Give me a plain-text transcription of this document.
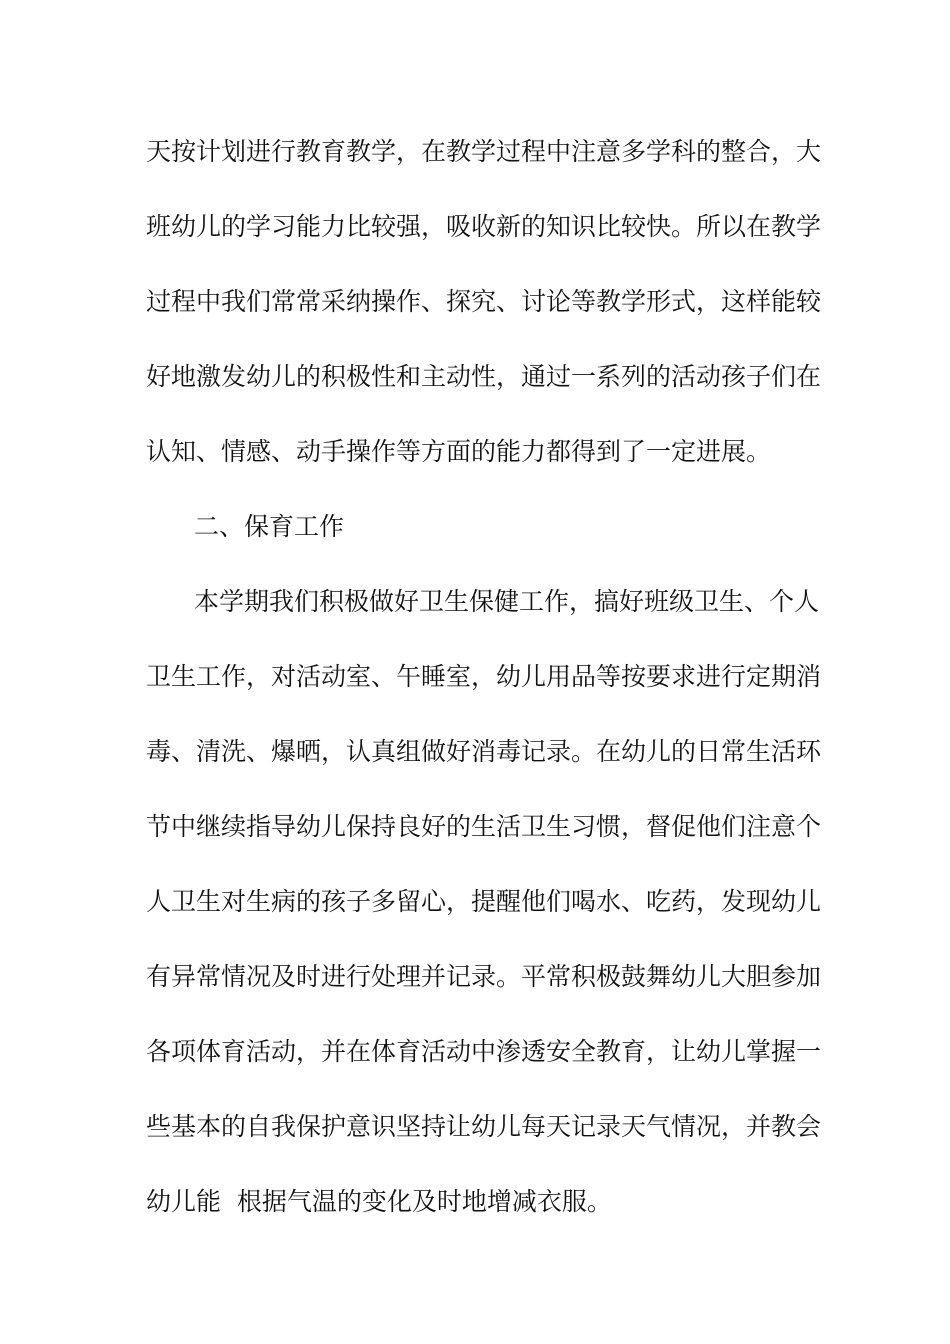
天按计划进行教育教学，在教学过程中注意多学科的整合，大
班幼儿的学习能力比较强，吸收新的知识比较快。所以在教学
过程中我们常常采纳操作、探究、讨论等教学形式，这样能较
好地激发幼儿的积极性和主动性，通过一系列的活动孩子们在
认知、情感、动手操作等方面的能力都得到了一定进展。
二、保育工作
本学期我们积极做好卫生保健工作，搞好班级卫生、个人
卫生工作，对活动室、午睡室，幼儿用品等按要求进行定期消
毒、清洗、爆晒，认真组做好消毒记录。在幼儿的日常生活环
节中继续指导幼儿保持良好的生活卫生习惯，督促他们注意个
人卫生对生病的孩子多留心，提醒他们喝水、吃药，发现幼儿
有异常情况及时进行处理并记录。平常积极鼓舞幼儿大胆参加
各项体育活动，并在体育活动中渗透安全教育，让幼儿掌握一
些基本的自我保护意识坚持让幼儿每天记录天气情况，并教会
幼儿能  根据气温的变化及时地增减衣服。
